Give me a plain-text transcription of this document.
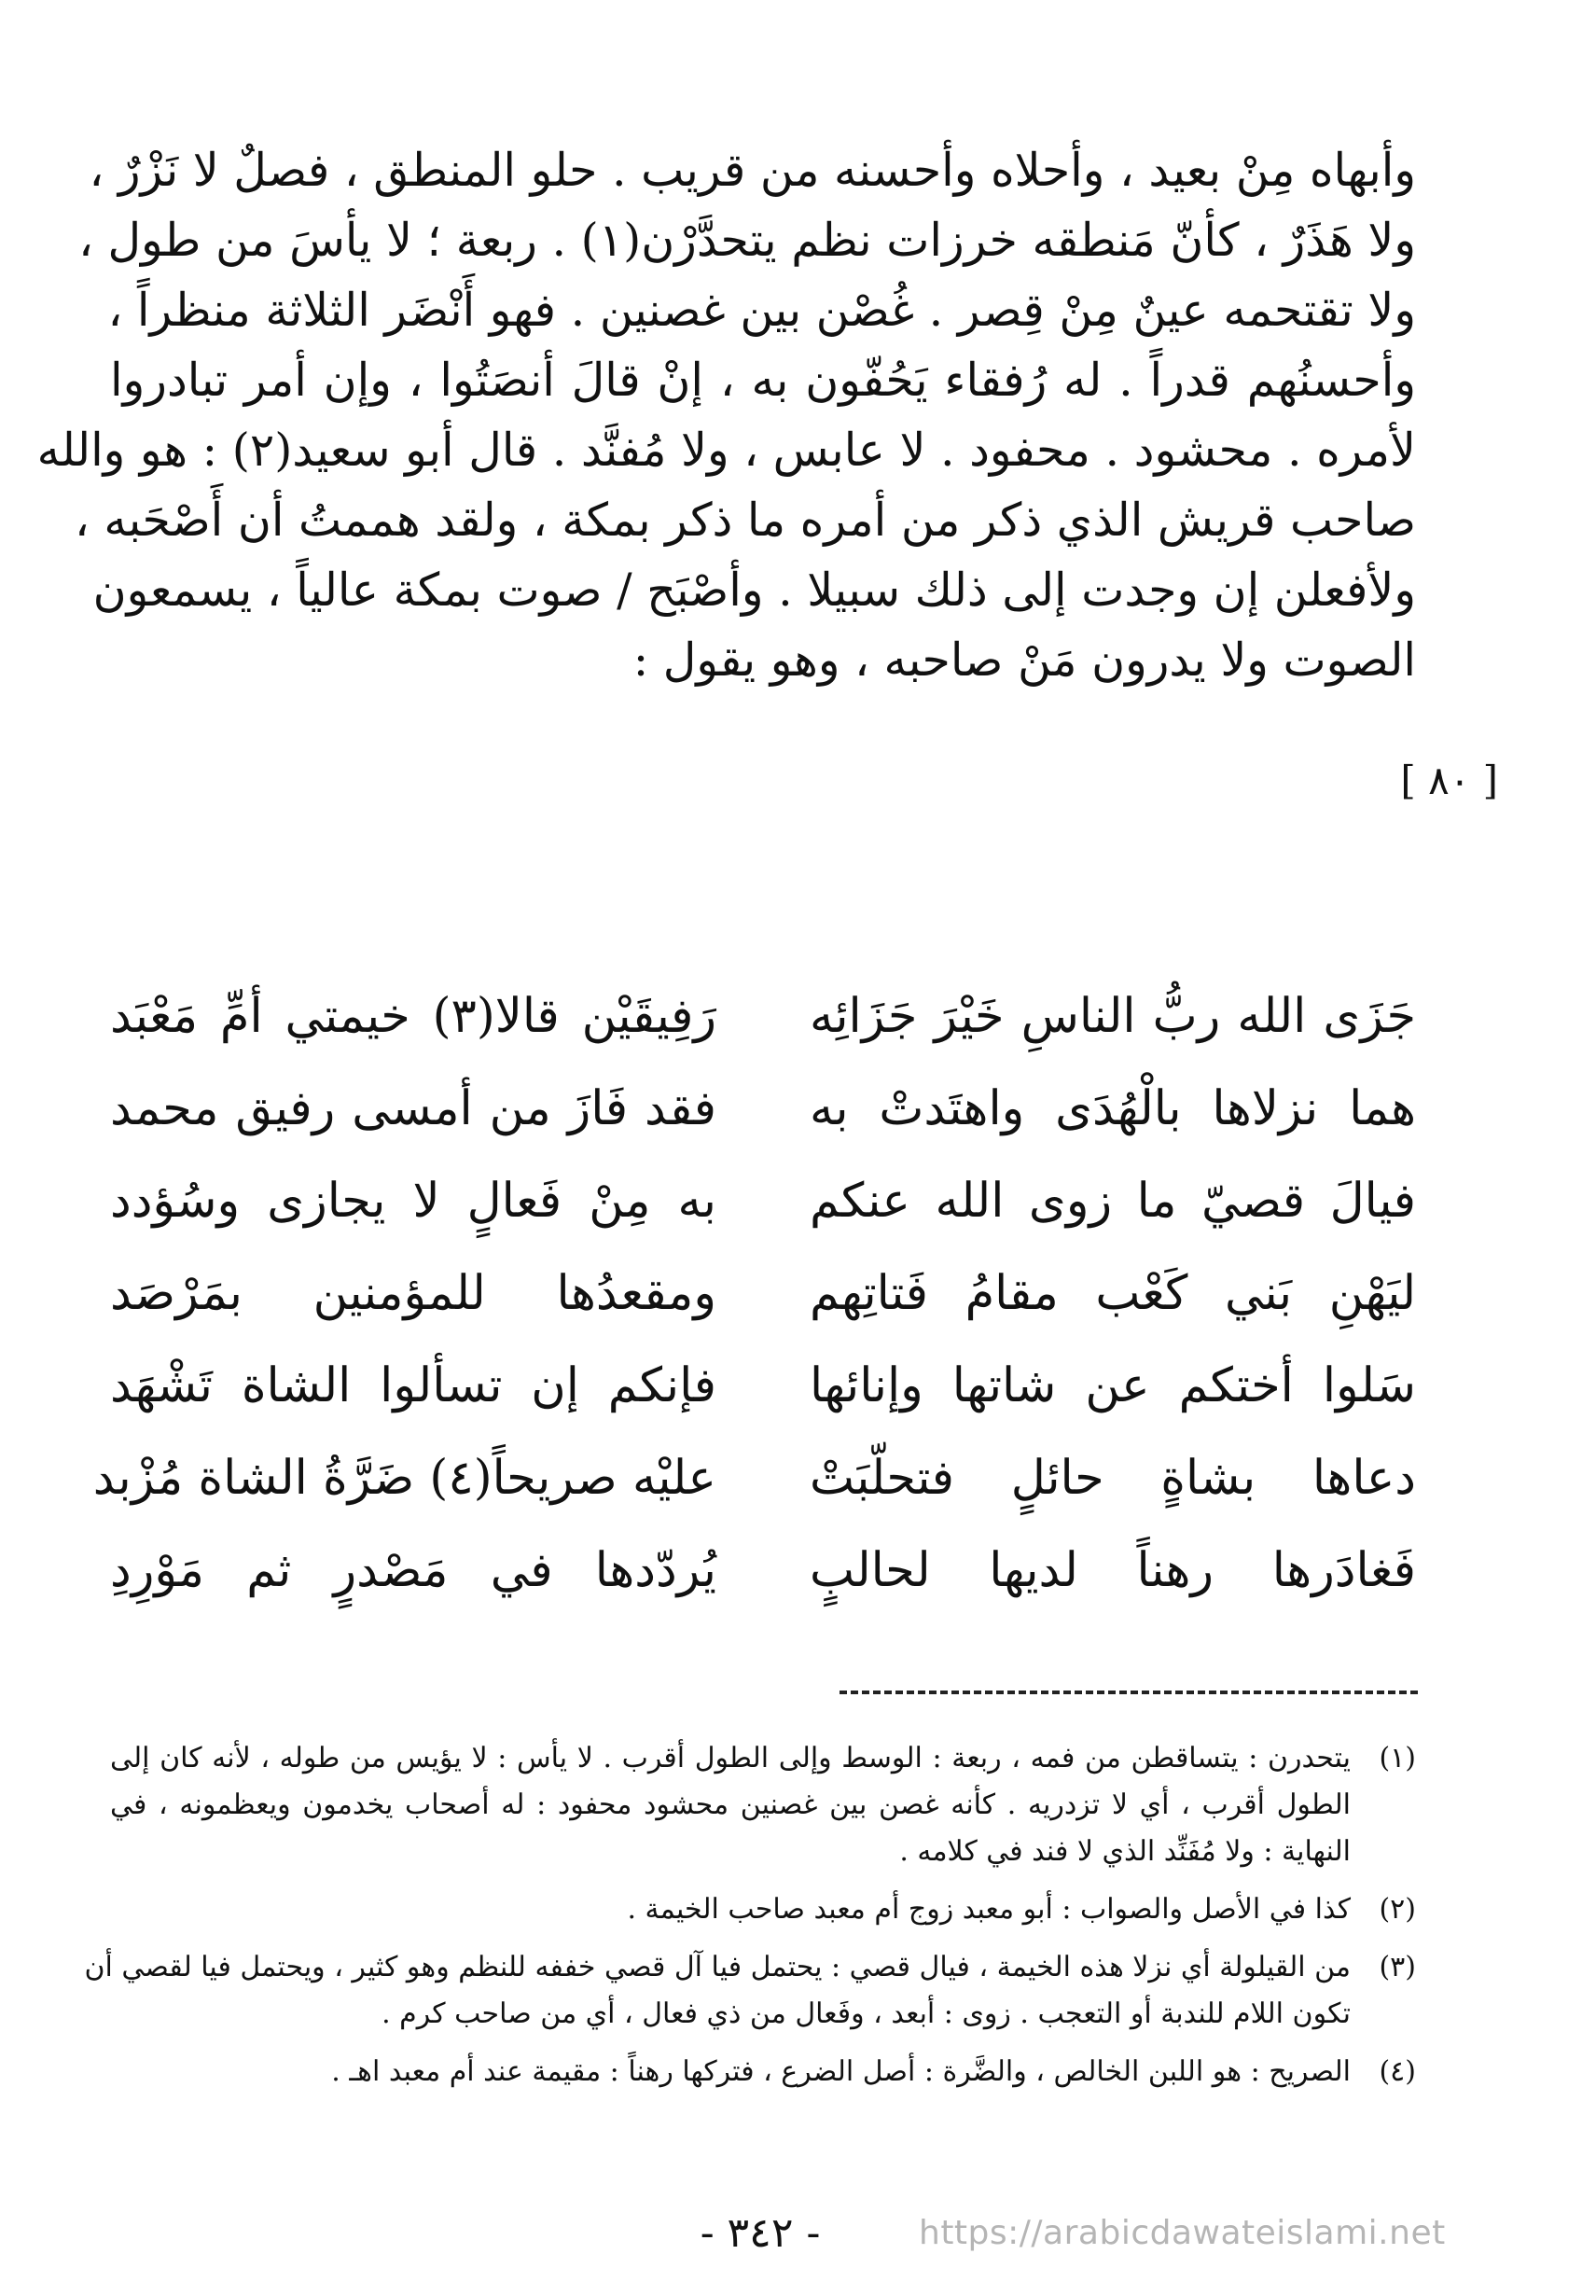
وأبهاه مِنْ بعيد ، وأحلاه وأحسنه من قريب . حلو المنطق ، فصلٌ لا نَزْرٌ ،
ولا هَذَرٌ ، كأنّ مَنطقه خرزات نظم يتحدَّرْن(١) . ربعة ؛ لا يأسَ من طول ،
ولا تقتحمه عينٌ مِنْ قِصر . غُصْن بين غصنين . فهو أَنْضَر الثلاثة منظراً ،
وأحسنُهم قدراً . له رُفقاء يَحُفّون به ، إنْ قالَ أنصَتُوا ، وإن أمر تبادروا
لأمره . محشود . محفود . لا عابس ، ولا مُفنَّد . قال أبو سعيد(٢) : هو والله
صاحب قريش الذي ذكر من أمره ما ذكر بمكة ، ولقد هممتُ أن أَصْحَبه ،
ولأفعلن إن وجدت إلى ذلك سبيلا . وأصْبَح / صوت بمكة عالياً ، يسمعون
الصوت ولا يدرون مَنْ صاحبه ، وهو يقول :
[ ٨٠ ]
جَزَى الله ربُّ الناسِ خَيْرَ جَزَائِه
رَفِيقَيْن قالا(٣) خيمتي أمِّ مَعْبَد
هما نزلاها بالْهُدَى واهتَدتْ به
فقد فَازَ من أمسى رفيق محمد
فيالَ قصيّ ما زوى الله عنكم
به مِنْ فَعالٍ لا يجازى وسُؤدد
ليَهْنِ بَني كَعْب مقامُ فَتاتِهم
ومقعدُها للمؤمنين بمَرْصَد
سَلوا أختكم عن شاتها وإنائها
فإنكم إن تسألوا الشاة تَشْهَد
دعاها بشاةٍ حائلٍ فتحلّبَتْ
عليْه صريحاً(٤) ضَرَّةُ الشاة مُزْبد
فَغادَرها رهناً لديها لحالبٍ
يُردّدها في مَصْدرٍ ثم مَوْرِدِ
(١)
يتحدرن : يتساقطن من فمه ، ربعة : الوسط وإلى الطول أقرب . لا يأس : لا يؤيس من طوله ، لأنه كان إلى
الطول أقرب ، أي لا تزدريه . كأنه غصن بين غصنين محشود محفود : له أصحاب يخدمون ويعظمونه ، في
النهاية : ولا مُفَنِّد الذي لا فند في كلامه .
(٢)
كذا في الأصل والصواب : أبو معبد زوج أم معبد صاحب الخيمة .
(٣)
من القيلولة أي نزلا هذه الخيمة ، فيال قصي : يحتمل فيا آل قصي خففه للنظم وهو كثير ، ويحتمل فيا لقصي أن
تكون اللام للندبة أو التعجب . زوى : أبعد ، وفَعال من ذي فعال ، أي من صاحب كرم .
(٤)
الصريح : هو اللبن الخالص ، والضَّرة : أصل الضرع ، فتركها رهناً : مقيمة عند أم معبد اهـ .
- ٣٤٢ -	https://arabicdawateislami.net
